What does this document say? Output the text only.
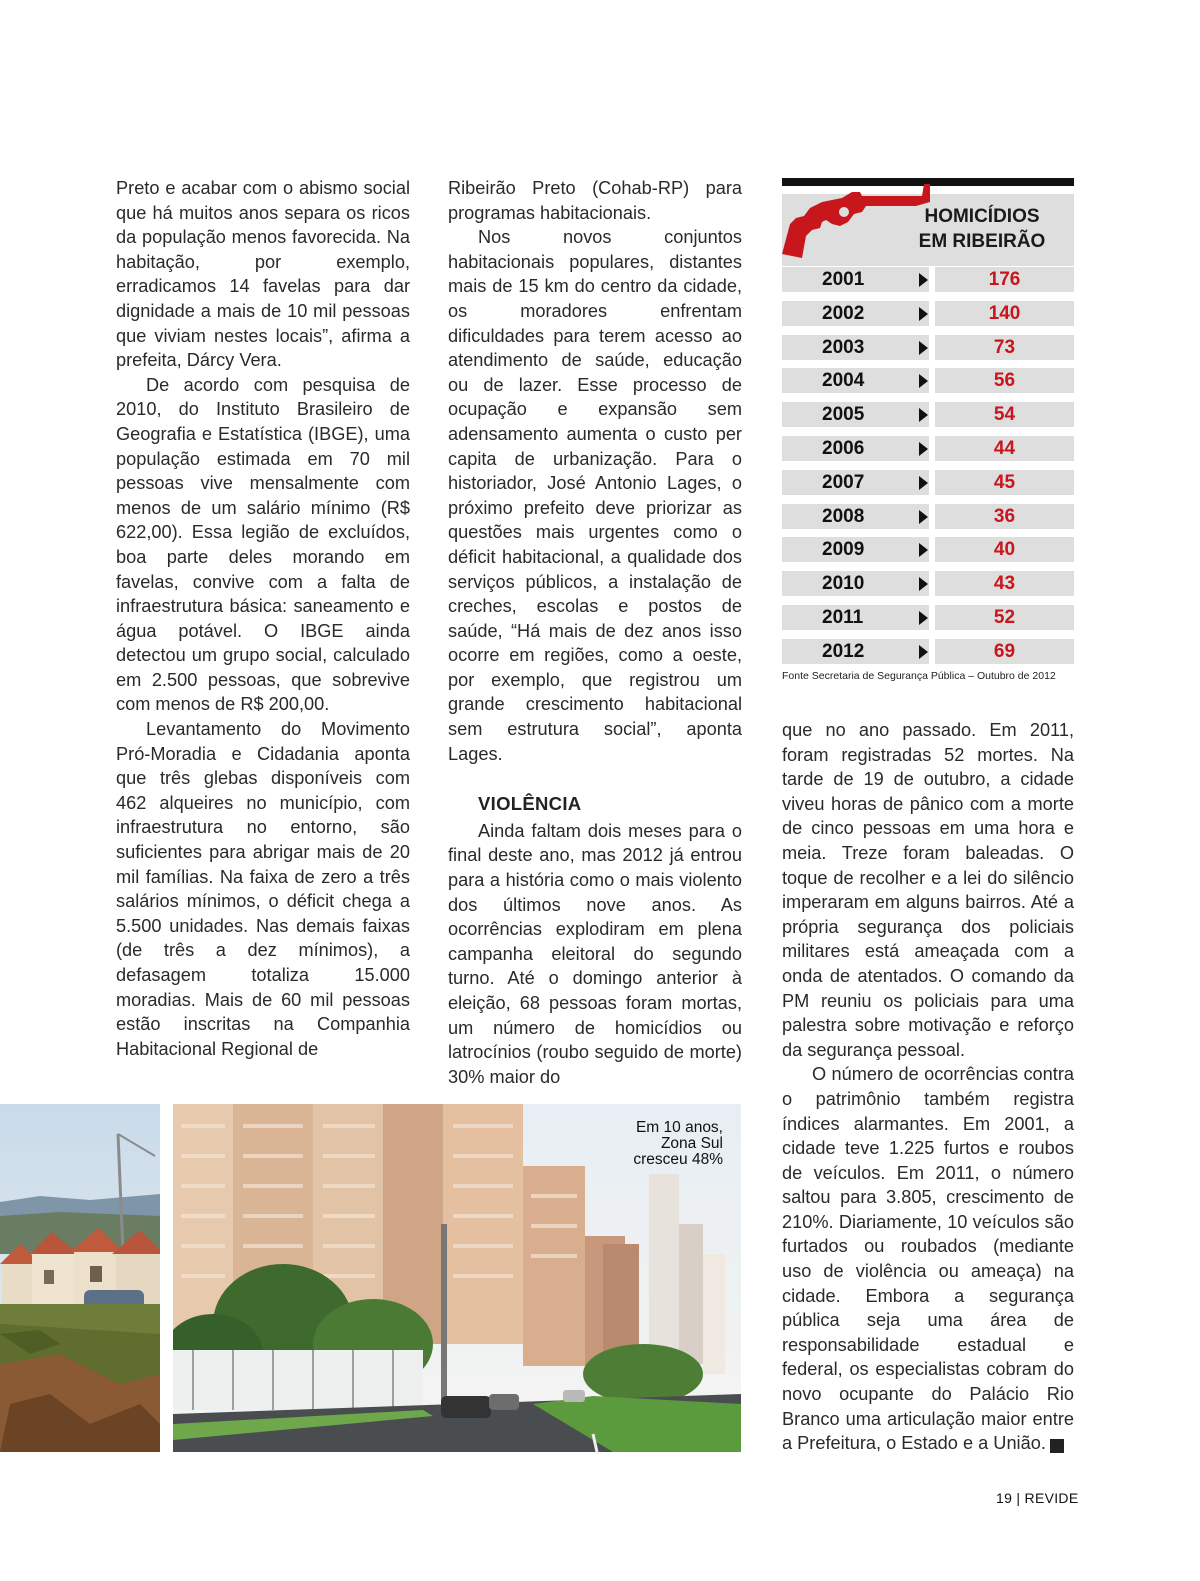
Preto e acabar com o abismo social que há muitos anos separa os ricos da população menos favorecida. Na habitação, por exemplo, erradicamos 14 favelas para dar dignidade a mais de 10 mil pessoas que viviam nestes locais”, afirma a prefeita, Dárcy Vera.

De acordo com pesquisa de 2010, do Instituto Brasileiro de Geografia e Estatística (IBGE), uma população estimada em 70 mil pessoas vive mensalmente com menos de um salário mínimo (R$ 622,00). Essa legião de excluídos, boa parte deles morando em favelas, convive com a falta de infraestrutura básica: saneamento e água potável. O IBGE ainda detectou um grupo social, calculado em 2.500 pessoas, que sobrevive com menos de R$ 200,00.

Levantamento do Movimento Pró-Moradia e Cidadania aponta que três glebas disponíveis com 462 alqueires no município, com infraestrutura no entorno, são suficientes para abrigar mais de 20 mil famílias. Na faixa de zero a três salários mínimos, o déficit chega a 5.500 unidades. Nas demais faixas (de três a dez mínimos), a defasagem totaliza 15.000 moradias. Mais de 60 mil pessoas estão inscritas na Companhia Habitacional Regional de

Ribeirão Preto (Cohab-RP) para programas habitacionais.

Nos novos conjuntos habitacionais populares, distantes mais de 15 km do centro da cidade, os moradores enfrentam dificuldades para terem acesso ao atendimento de saúde, educação ou de lazer. Esse processo de ocupação e expansão sem adensamento aumenta o custo per capita de urbanização. Para o historiador, José Antonio Lages, o próximo prefeito deve priorizar as questões mais urgentes como o déficit habitacional, a qualidade dos serviços públicos, a instalação de creches, escolas e postos de saúde, “Há mais de dez anos isso ocorre em regiões, como a oeste, por exemplo, que registrou um grande crescimento habitacional sem estrutura social”, aponta Lages.

VIOLÊNCIA

Ainda faltam dois meses para o final deste ano, mas 2012 já entrou para a história como o mais violento dos últimos nove anos. As ocorrências explodiram em plena campanha eleitoral do segundo turno. Até o domingo anterior à eleição, 68 pessoas foram mortas, um número de homicídios ou latrocínios (roubo seguido de morte) 30% maior do

HOMICÍDIOS
EM RIBEIRÃO
2001	176
2002	140
2003	73
2004	56
2005	54
2006	44
2007	45
2008	36
2009	40
2010	43
2011	52
2012	69
Fonte Secretaria de Segurança Pública – Outubro de 2012

que no ano passado. Em 2011, foram registradas 52 mortes. Na tarde de 19 de outubro, a cidade viveu horas de pânico com a morte de cinco pessoas em uma hora e meia. Treze foram baleadas. O toque de recolher e a lei do silêncio imperaram em alguns bairros. Até a própria segurança dos policiais militares está ameaçada com a onda de atentados. O comando da PM reuniu os policiais para uma palestra sobre motivação e reforço da segurança pessoal.

O número de ocorrências contra o patrimônio também registra índices alarmantes. Em 2001, a cidade teve 1.225 furtos e roubos de veículos. Em 2011, o número saltou para 3.805, crescimento de 210%. Diariamente, 10 veículos são furtados ou roubados (mediante uso de violência ou ameaça) na cidade. Embora a segurança pública seja uma área de responsabilidade estadual e federal, os especialistas cobram do novo ocupante do Palácio Rio Branco uma articulação maior entre a Prefeitura, o Estado e a União.	r

Em 10 anos, Zona Sul cresceu 48%
19 | REVIDE
